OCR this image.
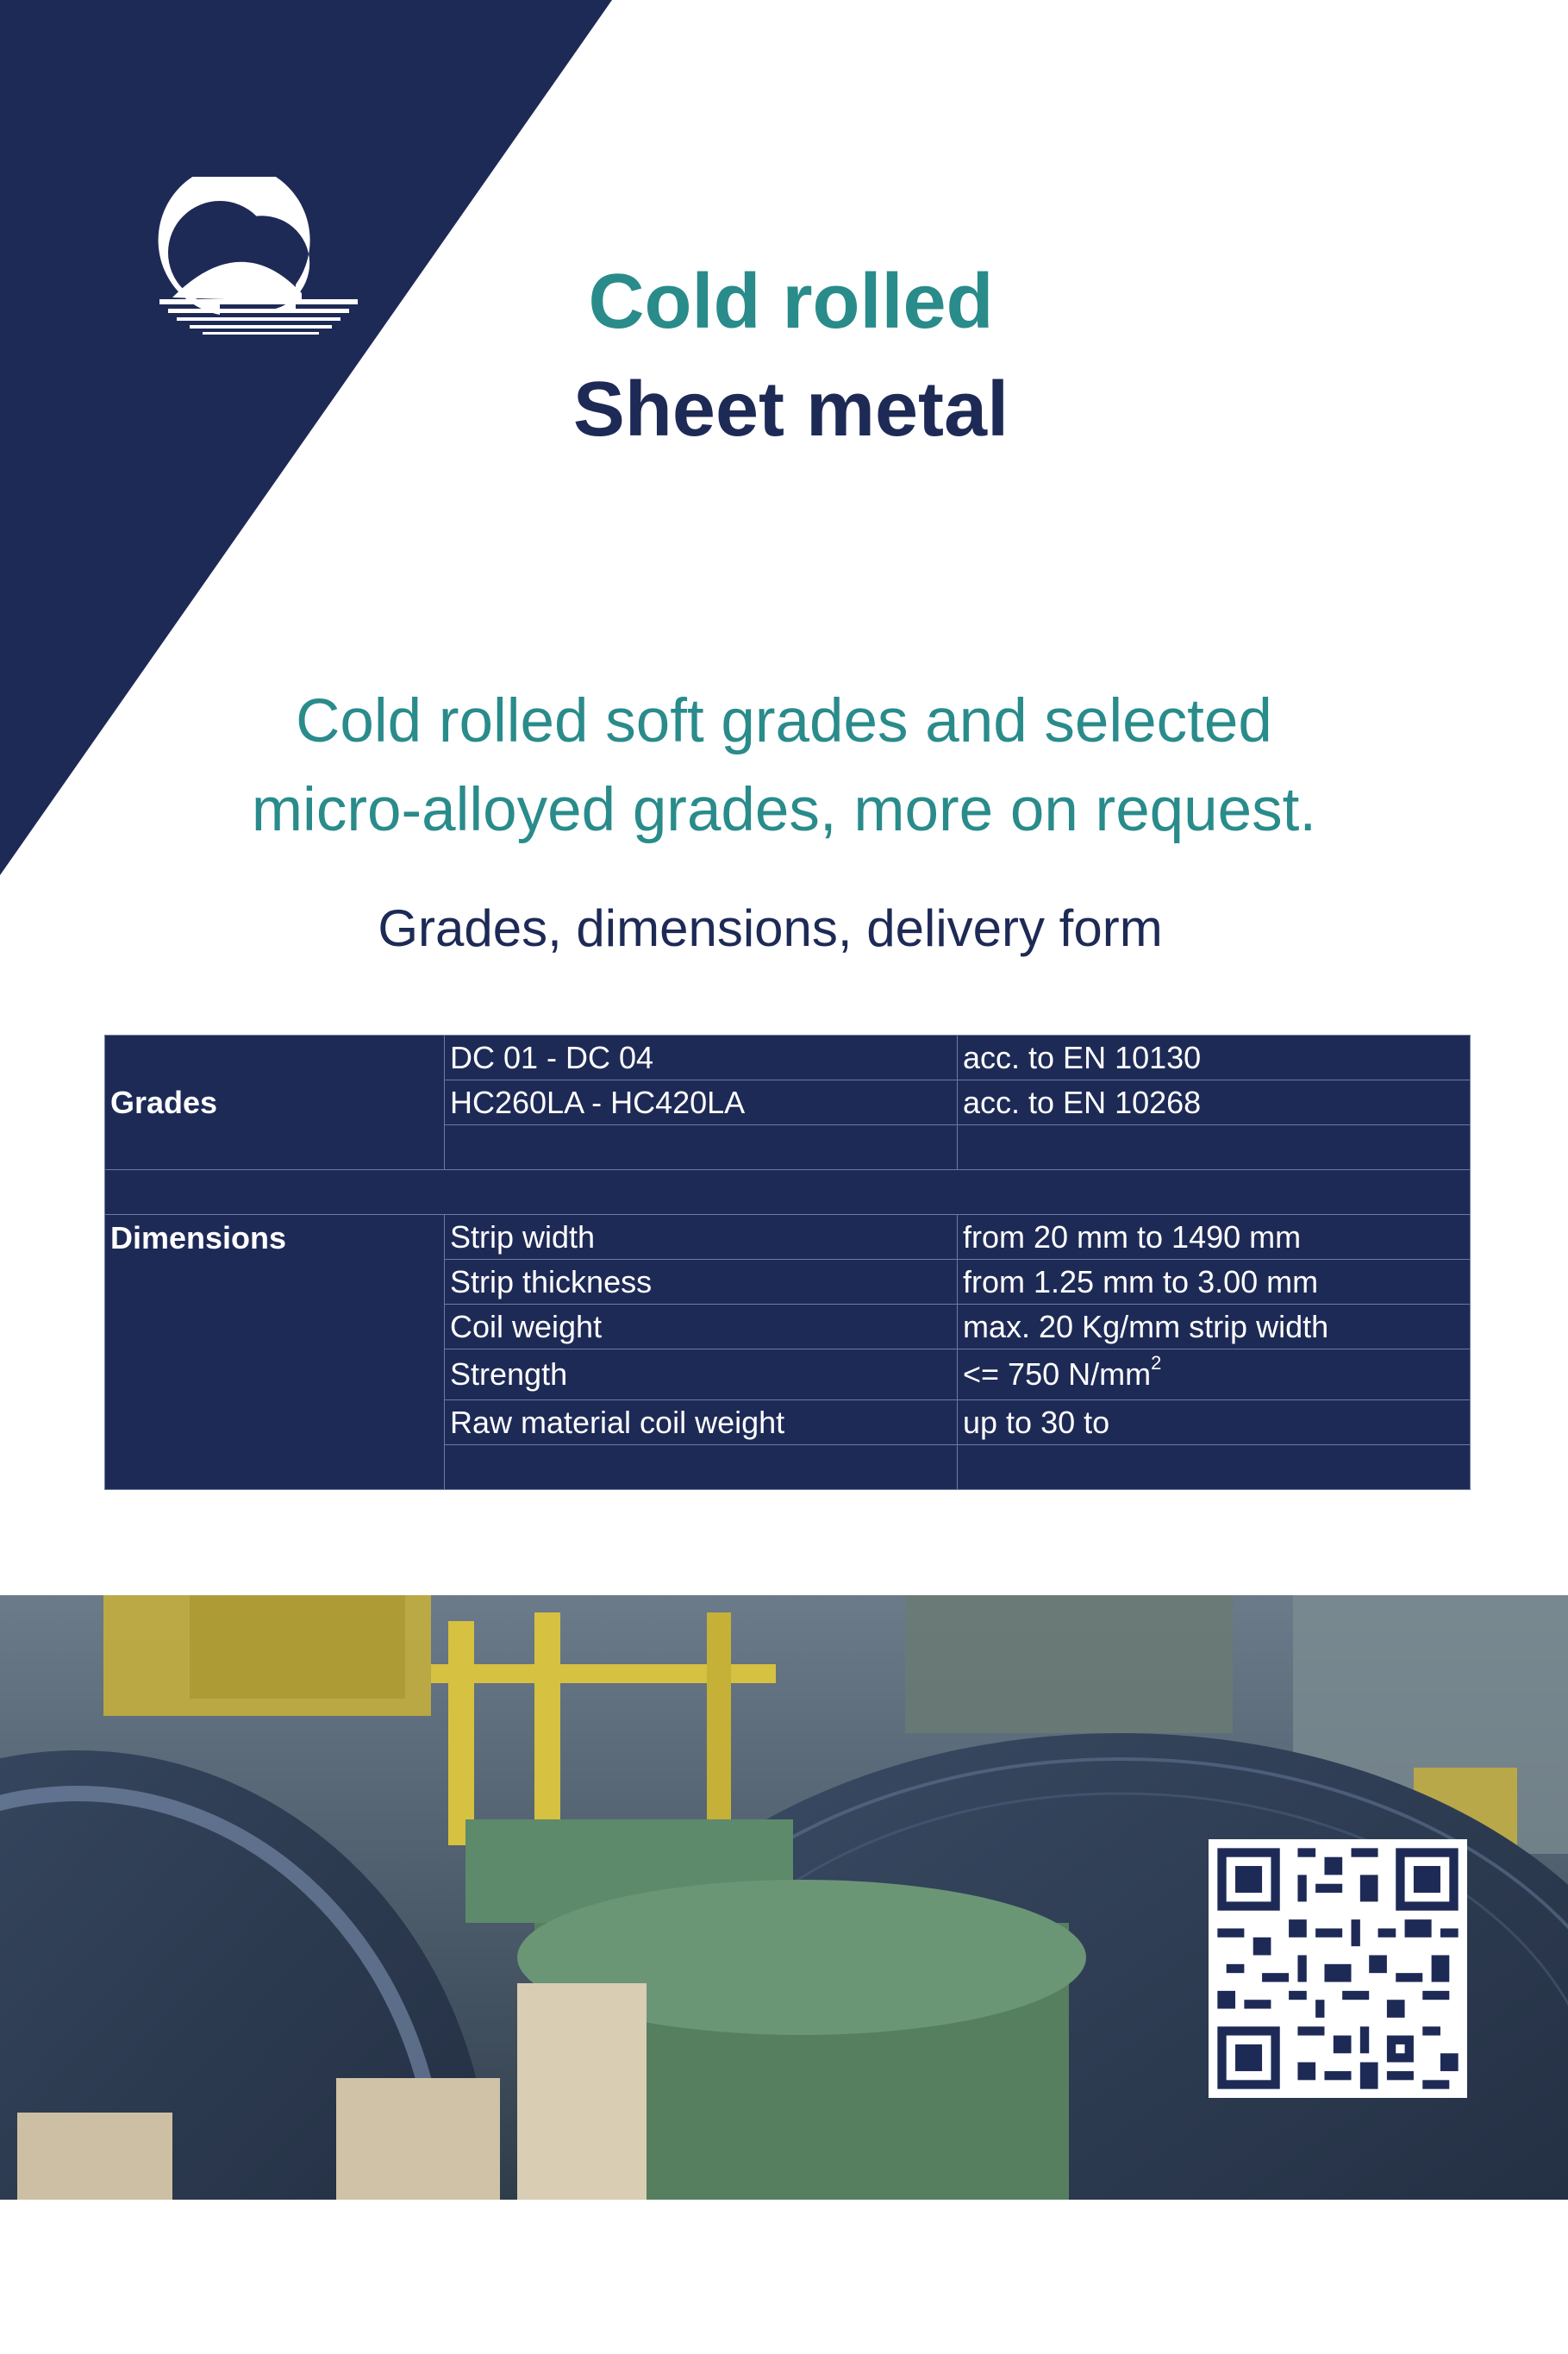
Cold rolled
Sheet metal
Cold rolled soft grades and selected
micro-alloyed grades, more on request.
Grades, dimensions, delivery form
Grades	DC 01 - DC 04	acc. to EN 10130
	HC260LA - HC420LA	acc. to EN 10268

Dimensions	Strip width	from 20 mm to 1490 mm
	Strip thickness	from 1.25 mm to 3.00 mm
	Coil weight	max. 20 Kg/mm strip width
	Strength	<= 750 $N/mm^2$
	Raw material coil weight	up to 30 to
